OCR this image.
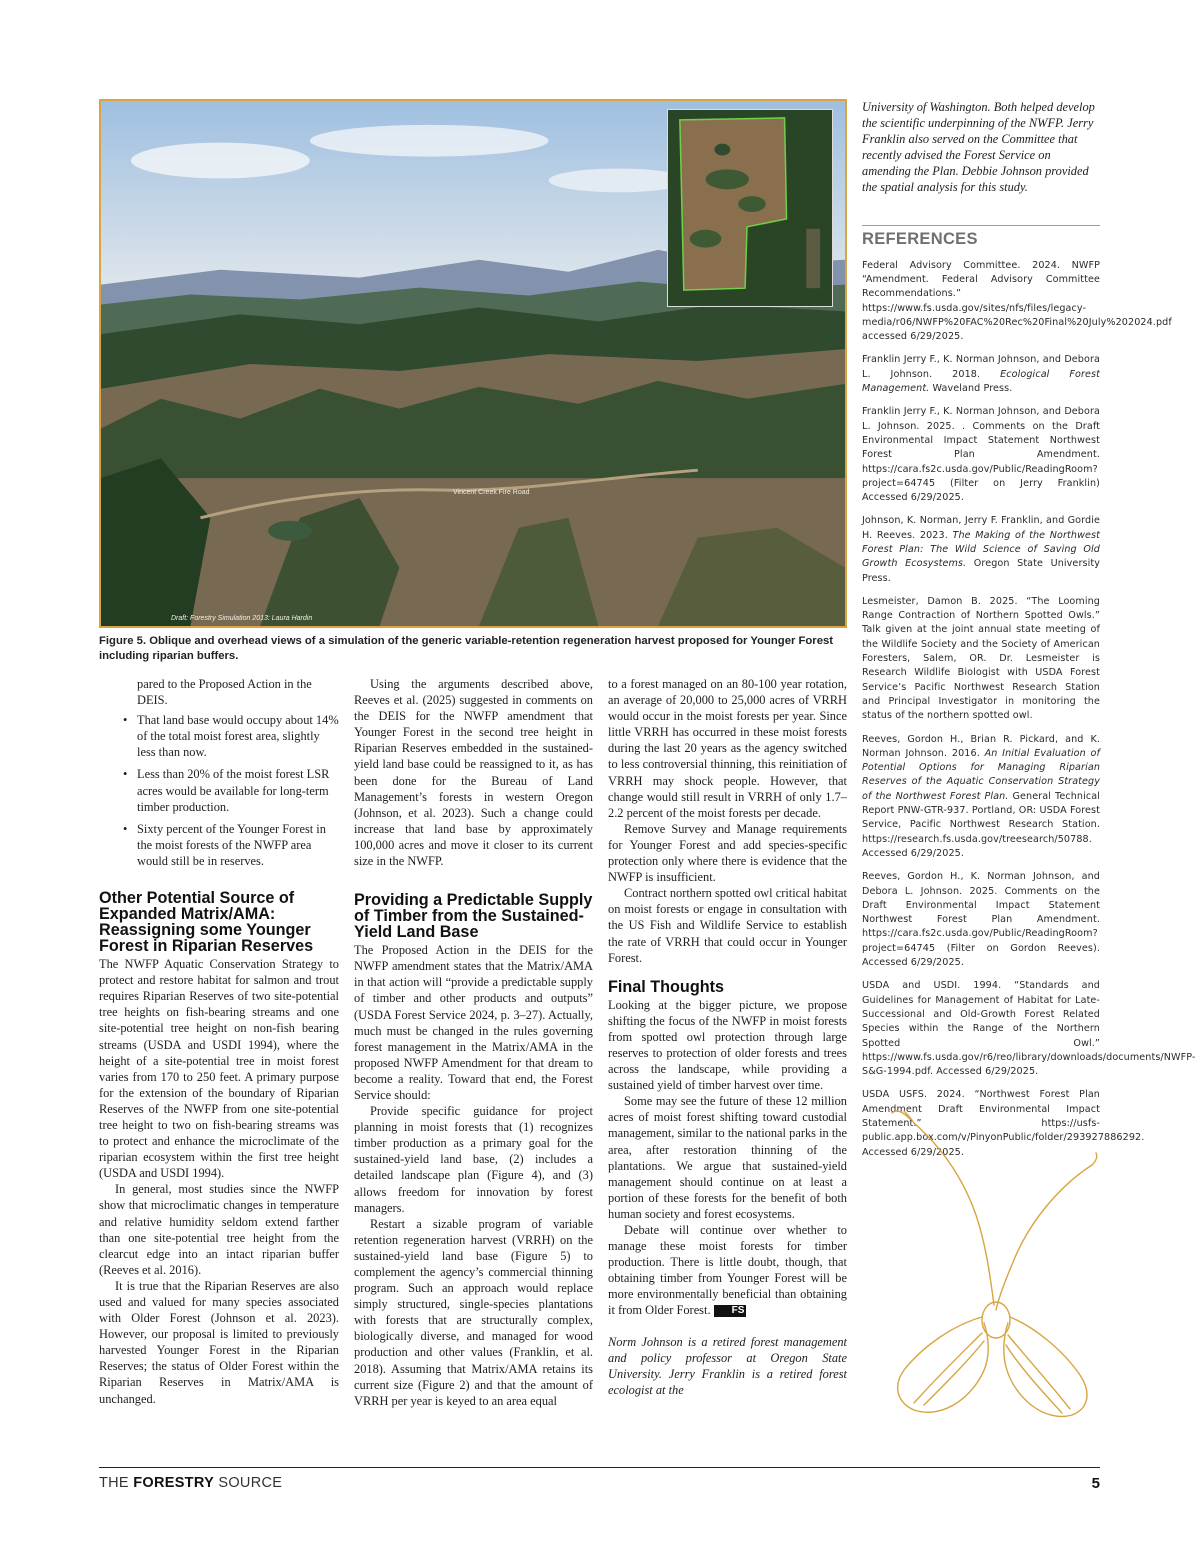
Vincent Creek Fire Road
Draft: Forestry Simulation 2013: Laura Hardin
Figure 5. Oblique and overhead views of a simulation of the generic variable-retention regeneration harvest proposed for Younger Forest including riparian buffers.

pared to the Proposed Action in the DEIS.

• That land base would occupy about 14% of the total moist forest area, slightly less than now.
• Less than 20% of the moist forest LSR acres would be available for long-term timber production.
• Sixty percent of the Younger Forest in the moist forests of the NWFP area would still be in reserves.
Other Potential Source of Expanded Matrix/AMA: Reassigning some Younger Forest in Riparian Reserves

The NWFP Aquatic Conservation Strategy to protect and restore habitat for salmon and trout requires Riparian Reserves of two site-potential tree heights on fish-bearing streams and one site-potential tree height on non-fish bearing streams (USDA and USDI 1994), where the height of a site-potential tree in moist forest varies from 170 to 250 feet. A primary purpose for the extension of the boundary of Riparian Reserves of the NWFP from one site-potential tree height to two on fish-bearing streams was to protect and enhance the microclimate of the riparian ecosystem within the first tree height (USDA and USDI 1994).

In general, most studies since the NWFP show that microclimatic changes in temperature and relative humidity seldom extend farther than one site-potential tree height from the clearcut edge into an intact riparian buffer (Reeves et al. 2016).

It is true that the Riparian Reserves are also used and valued for many species associated with Older Forest (Johnson et al. 2023). However, our proposal is limited to previously harvested Younger Forest in the Riparian Reserves; the status of Older Forest within the Riparian Reserves in Matrix/AMA is unchanged.

Using the arguments described above, Reeves et al. (2025) suggested in comments on the DEIS for the NWFP amendment that Younger Forest in the second tree height in Riparian Reserves embedded in the sustained-yield land base could be reassigned to it, as has been done for the Bureau of Land Management’s forests in western Oregon (Johnson, et al. 2023). Such a change could increase that land base by approximately 100,000 acres and move it closer to its current size in the NWFP.

Providing a Predictable Supply of Timber from the Sustained-Yield Land Base

The Proposed Action in the DEIS for the NWFP amendment states that the Matrix/AMA in that action will “provide a predictable supply of timber and other products and outputs” (USDA Forest Service 2024, p. 3–27). Actually, much must be changed in the rules governing forest management in the Matrix/AMA in the proposed NWFP Amendment for that dream to become a reality. Toward that end, the Forest Service should:

Provide specific guidance for project planning in moist forests that (1) recognizes timber production as a primary goal for the sustained-yield land base, (2) includes a detailed landscape plan (Figure 4), and (3) allows freedom for innovation by forest managers.

Restart a sizable program of variable retention regeneration harvest (VRRH) on the sustained-yield land base (Figure 5) to complement the agency’s commercial thinning program. Such an approach would replace simply structured, single-species plantations with forests that are structurally complex, biologically diverse, and managed for wood production and other values (Franklin, et al. 2018). Assuming that Matrix/AMA retains its current size (Figure 2) and that the amount of VRRH per year is keyed to an area equal

to a forest managed on an 80-100 year rotation, an average of 20,000 to 25,000 acres of VRRH would occur in the moist forests per year. Since little VRRH has occurred in these moist forests during the last 20 years as the agency switched to less controversial thinning, this reinitiation of VRRH may shock people. However, that change would still result in VRRH of only 1.7–2.2 percent of the moist forests per decade.

Remove Survey and Manage requirements for Younger Forest and add species-specific protection only where there is evidence that the NWFP is insufficient.

Contract northern spotted owl critical habitat on moist forests or engage in consultation with the US Fish and Wildlife Service to establish the rate of VRRH that could occur in Younger Forest.

Final Thoughts

Looking at the bigger picture, we propose shifting the focus of the NWFP in moist forests from spotted owl protection through large reserves to protection of older forests and trees across the landscape, while providing a sustained yield of timber harvest over time.

Some may see the future of these 12 million acres of moist forest shifting toward custodial management, similar to the national parks in the area, after restoration thinning of the plantations. We argue that sustained-yield management should continue on at least a portion of these forests for the benefit of both human society and forest ecosystems.

Debate will continue over whether to manage these moist forests for timber production. There is little doubt, though, that obtaining timber from Younger Forest will be more environmentally beneficial than obtaining it from Older Forest. FS

Norm Johnson is a retired forest management and policy professor at Oregon State University. Jerry Franklin is a retired forest ecologist at the

University of Washington. Both helped develop the scientific underpinning of the NWFP. Jerry Franklin also served on the Committee that recently advised the Forest Service on amending the Plan. Debbie Johnson provided the spatial analysis for this study.

REFERENCES

Federal Advisory Committee. 2024. NWFP “Amendment. Federal Advisory Committee Recommendations.” https://www.fs.usda.gov/sites/nfs/files/legacy-media/r06/NWFP%20FAC%20Rec%20Final%20July%202024.pdf accessed 6/29/2025.

Franklin Jerry F., K. Norman Johnson, and Debora L. Johnson. 2018. Ecological Forest Management. Waveland Press.

Franklin Jerry F., K. Norman Johnson, and Debora L. Johnson. 2025. . Comments on the Draft Environmental Impact Statement Northwest Forest Plan Amendment. https://cara.fs2c.usda.gov/Public/ReadingRoom?project=64745 (Filter on Jerry Franklin) Accessed 6/29/2025.

Johnson, K. Norman, Jerry F. Franklin, and Gordie H. Reeves. 2023. The Making of the Northwest Forest Plan: The Wild Science of Saving Old Growth Ecosystems. Oregon State University Press.

Lesmeister, Damon B. 2025. “The Looming Range Contraction of Northern Spotted Owls.” Talk given at the joint annual state meeting of the Wildlife Society and the Society of American Foresters, Salem, OR. Dr. Lesmeister is Research Wildlife Biologist with USDA Forest Service’s Pacific Northwest Research Station and Principal Investigator in monitoring the status of the northern spotted owl.

Reeves, Gordon H., Brian R. Pickard, and K. Norman Johnson. 2016. An Initial Evaluation of Potential Options for Managing Riparian Reserves of the Aquatic Conservation Strategy of the Northwest Forest Plan. General Technical Report PNW-GTR-937. Portland, OR: USDA Forest Service, Pacific Northwest Research Station. https://research.fs.usda.gov/treesearch/50788. Accessed 6/29/2025.

Reeves, Gordon H., K. Norman Johnson, and Debora L. Johnson. 2025. Comments on the Draft Environmental Impact Statement Northwest Forest Plan Amendment. https://cara.fs2c.usda.gov/Public/ReadingRoom?project=64745 (Filter on Gordon Reeves). Accessed 6/29/2025.

USDA and USDI. 1994. “Standards and Guidelines for Management of Habitat for Late-Successional and Old-Growth Forest Related Species within the Range of the Northern Spotted Owl.” https://www.fs.usda.gov/r6/reo/library/downloads/documents/NWFP-S&G-1994.pdf. Accessed 6/29/2025.

USDA USFS. 2024. “Northwest Forest Plan Amendment Draft Environmental Impact Statement.” https://usfs-public.app.box.com/v/PinyonPublic/folder/293927886292. Accessed 6/29/2025.

THE FORESTRY SOURCE	5
